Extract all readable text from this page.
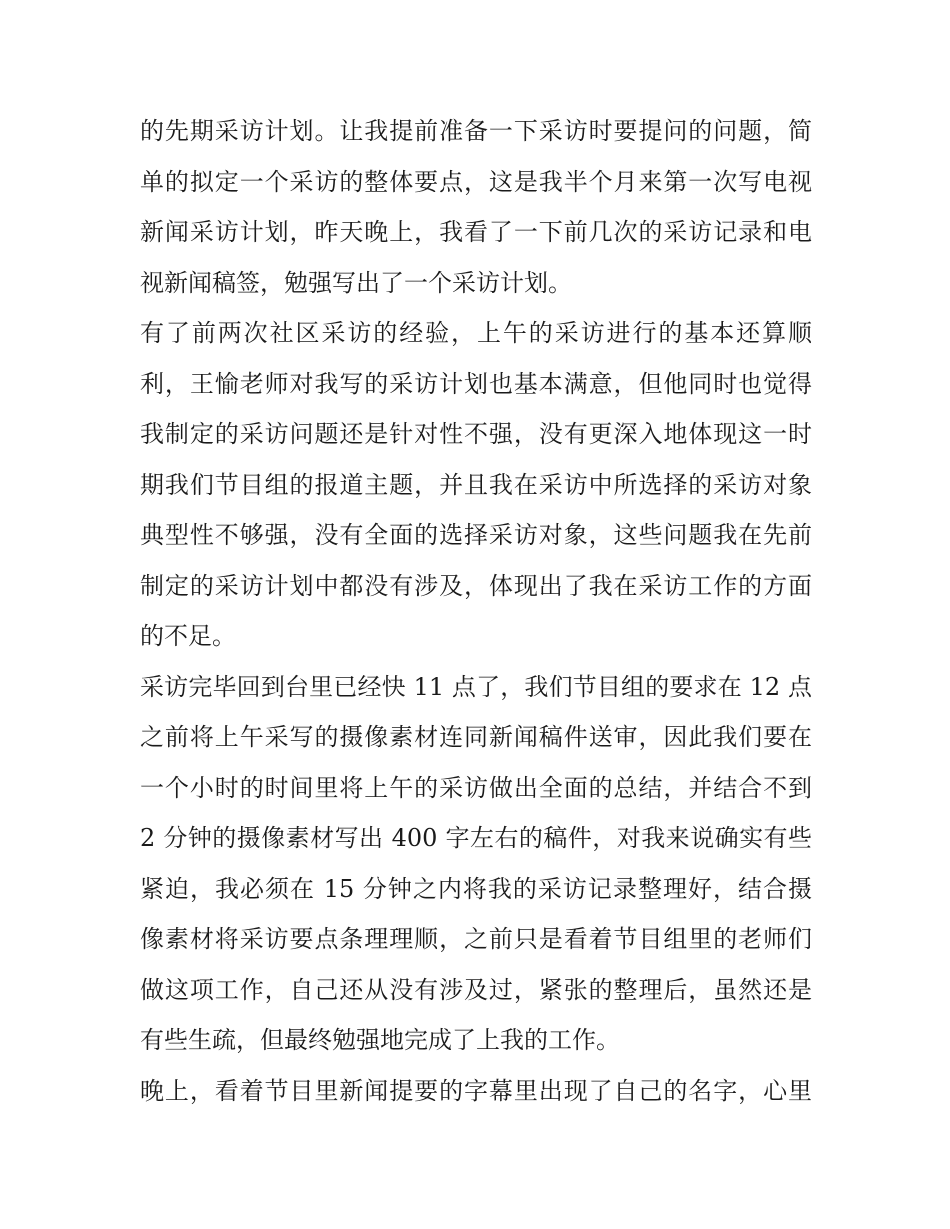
的先期采访计划。让我提前准备一下采访时要提问的问题，简
单的拟定一个采访的整体要点，这是我半个月来第一次写电视
新闻采访计划，昨天晚上，我看了一下前几次的采访记录和电
视新闻稿签，勉强写出了一个采访计划。
有了前两次社区采访的经验，上午的采访进行的基本还算顺
利，王愉老师对我写的采访计划也基本满意，但他同时也觉得
我制定的采访问题还是针对性不强，没有更深入地体现这一时
期我们节目组的报道主题，并且我在采访中所选择的采访对象
典型性不够强，没有全面的选择采访对象，这些问题我在先前
制定的采访计划中都没有涉及，体现出了我在采访工作的方面
的不足。
采访完毕回到台里已经快 11 点了，我们节目组的要求在 12 点
之前将上午采写的摄像素材连同新闻稿件送审，因此我们要在
一个小时的时间里将上午的采访做出全面的总结，并结合不到
2 分钟的摄像素材写出 400 字左右的稿件，对我来说确实有些
紧迫，我必须在 15 分钟之内将我的采访记录整理好，结合摄
像素材将采访要点条理理顺，之前只是看着节目组里的老师们
做这项工作，自己还从没有涉及过，紧张的整理后，虽然还是
有些生疏，但最终勉强地完成了上我的工作。
晚上，看着节目里新闻提要的字幕里出现了自己的名字，心里
